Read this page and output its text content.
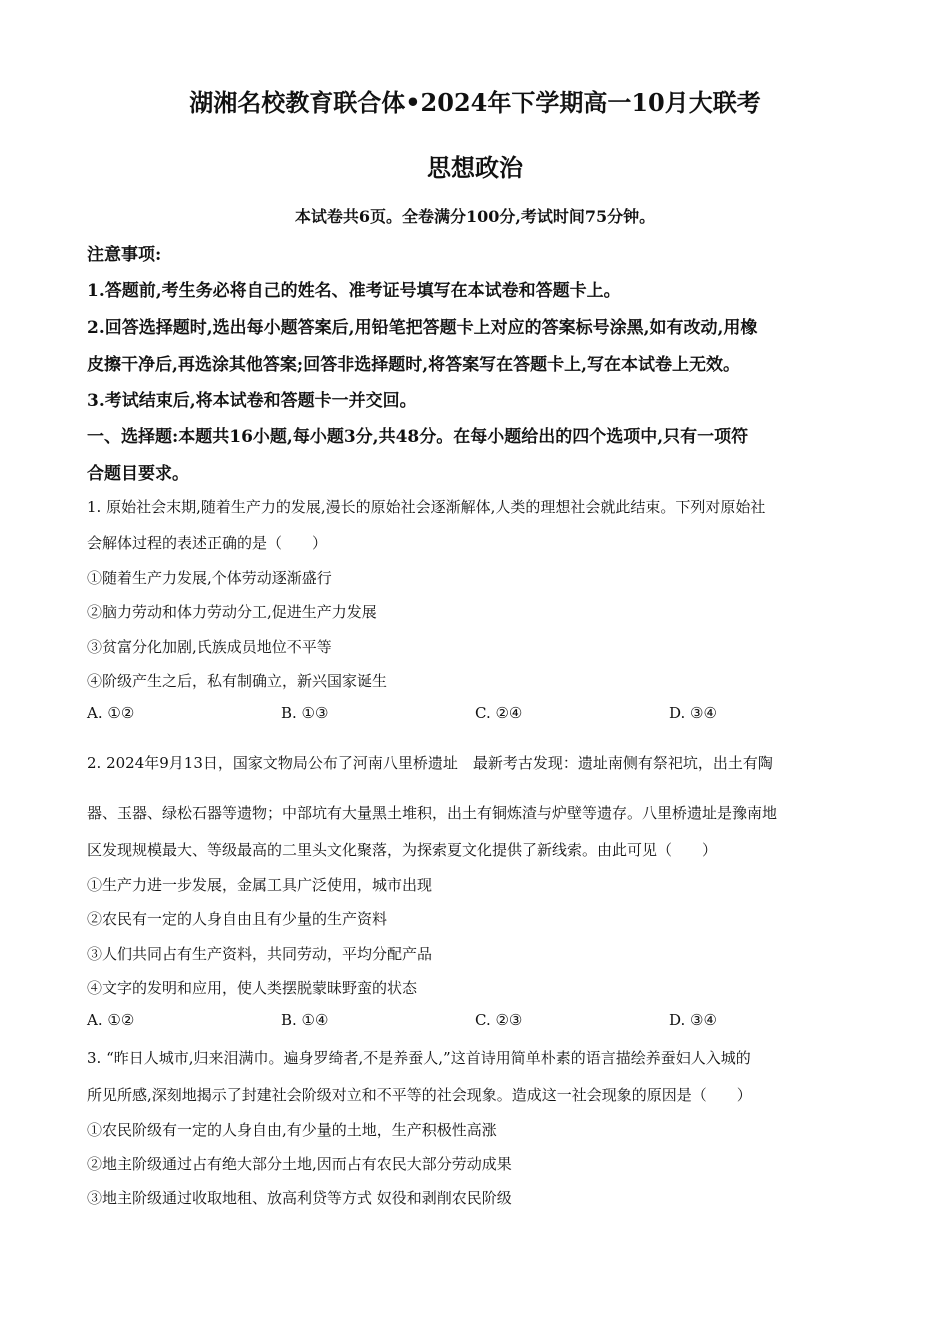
湖湘名校教育联合体•2024年下学期高一10月大联考
思想政治
本试卷共6页。全卷满分100分,考试时间75分钟。
注意事项:
1.答题前,考生务必将自己的姓名、准考证号填写在本试卷和答题卡上。
2.回答选择题时,选出每小题答案后,用铅笔把答题卡上对应的答案标号涂黑,如有改动,用橡
皮擦干净后,再选涂其他答案;回答非选择题时,将答案写在答题卡上,写在本试卷上无效。
3.考试结束后,将本试卷和答题卡一并交回。
一、选择题:本题共16小题,每小题3分,共48分。在每小题给出的四个选项中,只有一项符
合题目要求。
1. 原始社会末期,随着生产力的发展,漫长的原始社会逐渐解体,人类的理想社会就此结束。下列对原始社
会解体过程的表述正确的是（　　）
①随着生产力发展,个体劳动逐渐盛行
②脑力劳动和体力劳动分工,促进生产力发展
③贫富分化加剧,氏族成员地位不平等
④阶级产生之后，私有制确立，新兴国家诞生
A. ①②	B. ①③	C. ②④	D. ③④
2. 2024年9月13日，国家文物局公布了河南八里桥遗址　最新考古发现：遗址南侧有祭祀坑，出土有陶
器、玉器、绿松石器等遗物；中部坑有大量黑土堆积，出土有铜炼渣与炉壁等遗存。八里桥遗址是豫南地
区发现规模最大、等级最高的二里头文化聚落，为探索夏文化提供了新线索。由此可见（　　）
①生产力进一步发展，金属工具广泛使用，城市出现
②农民有一定的人身自由且有少量的生产资料
③人们共同占有生产资料，共同劳动，平均分配产品
④文字的发明和应用，使人类摆脱蒙昧野蛮的状态
A. ①②	B. ①④	C. ②③	D. ③④
3. “昨日人城市,归来泪满巾。遍身罗绮者,不是养蚕人,”这首诗用简单朴素的语言描绘养蚕妇人入城的
所见所感,深刻地揭示了封建社会阶级对立和不平等的社会现象。造成这一社会现象的原因是（　　）
①农民阶级有一定的人身自由,有少量的土地，生产积极性高涨
②地主阶级通过占有绝大部分土地,因而占有农民大部分劳动成果
③地主阶级通过收取地租、放高利贷等方式 奴役和剥削农民阶级
